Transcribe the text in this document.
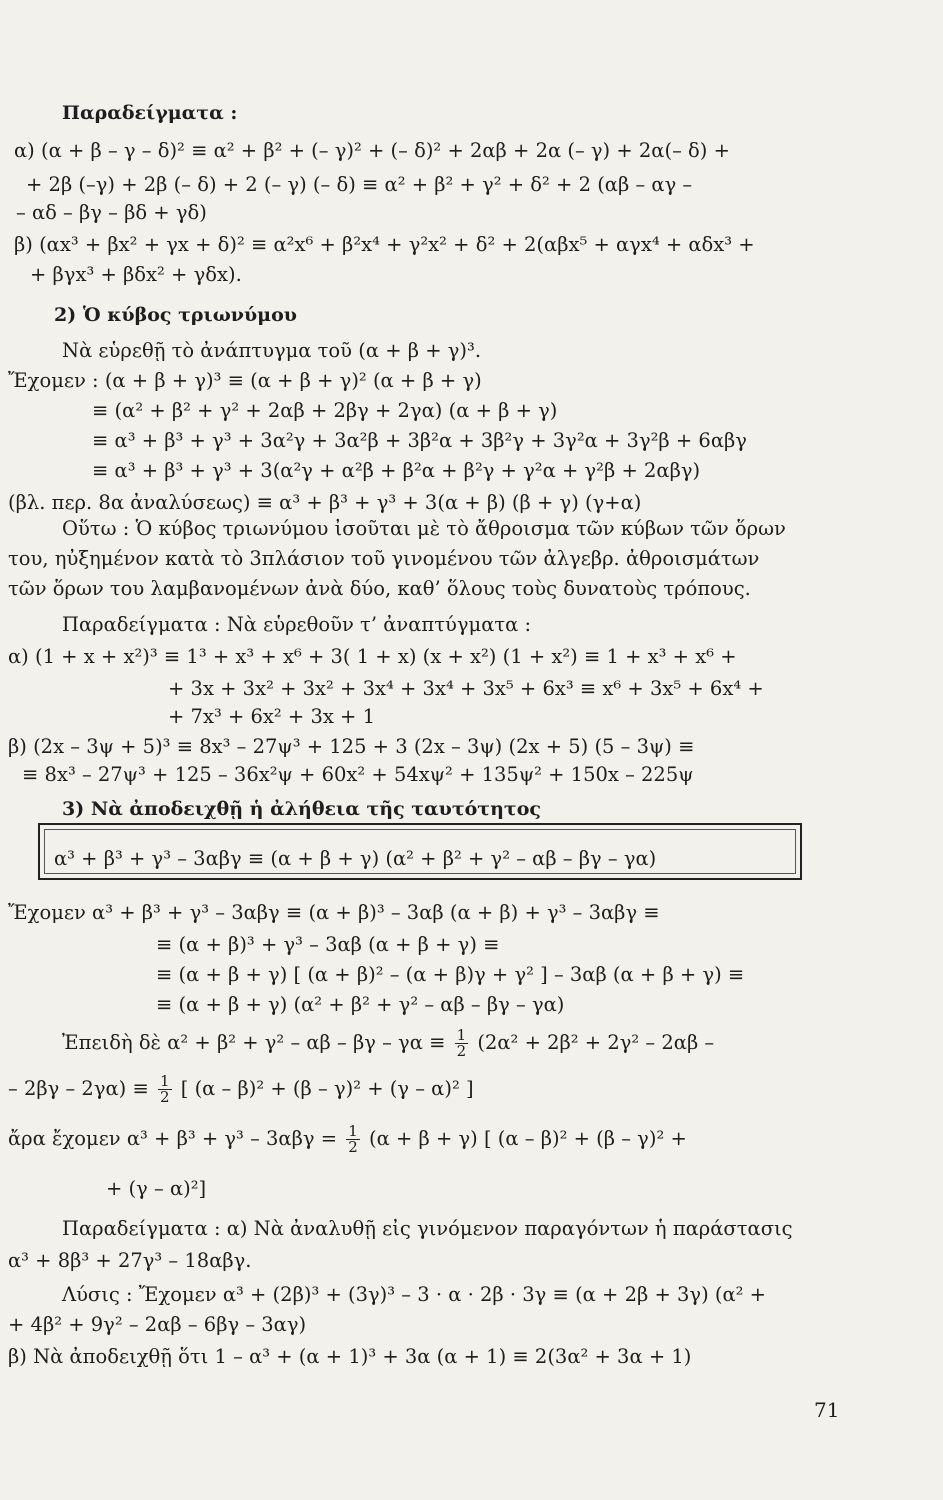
Παραδείγματα :
α) (α + β – γ – δ)² ≡ α² + β² + (– γ)² + (– δ)² + 2αβ + 2α (– γ) + 2α(– δ) +
+ 2β (–γ) + 2β (– δ) + 2 (– γ) (– δ) ≡ α² + β² + γ² + δ² + 2 (αβ – αγ –
– αδ – βγ – βδ + γδ)
β) (αx³ + βx² + γx + δ)² ≡ α²x⁶ + β²x⁴ + γ²x² + δ² + 2(αβx⁵ + αγx⁴ + αδx³ +
+ βγx³ + βδx² + γδx).
2) Ὁ κύβος τριωνύμου
Νὰ εὑρεθῇ τὸ ἀνάπτυγμα τοῦ (α + β + γ)³.
Ἔχομεν : (α + β + γ)³ ≡ (α + β + γ)² (α + β + γ)
≡ (α² + β² + γ² + 2αβ + 2βγ + 2γα) (α + β + γ)
≡ α³ + β³ + γ³ + 3α²γ + 3α²β + 3β²α + 3β²γ + 3γ²α + 3γ²β + 6αβγ
≡ α³ + β³ + γ³ + 3(α²γ + α²β + β²α + β²γ + γ²α + γ²β + 2αβγ)
(βλ. περ. 8α ἀναλύσεως) ≡ α³ + β³ + γ³ + 3(α + β) (β + γ) (γ+α)
Οὕτω : Ὁ κύβος τριωνύμου ἰσοῦται μὲ τὸ ἄθροισμα τῶν κύβων τῶν ὅρων
του, ηὐξημένον κατὰ τὸ 3πλάσιον τοῦ γινομένου τῶν ἀλγεβρ. ἀθροισμάτων
τῶν ὅρων του λαμβανομένων ἀνὰ δύο, καθ’ ὅλους τοὺς δυνατοὺς τρόπους.
Παραδείγματα : Νὰ εὑρεθοῦν τ’ ἀναπτύγματα :
α) (1 + x + x²)³ ≡ 1³ + x³ + x⁶ + 3( 1 + x) (x + x²) (1 + x²) ≡ 1 + x³ + x⁶ +
+ 3x + 3x² + 3x² + 3x⁴ + 3x⁴ + 3x⁵ + 6x³ ≡ x⁶ + 3x⁵ + 6x⁴ +
+ 7x³ + 6x² + 3x + 1
β) (2x – 3ψ + 5)³ ≡ 8x³ – 27ψ³ + 125 + 3 (2x – 3ψ) (2x + 5) (5 – 3ψ) ≡
≡ 8x³ – 27ψ³ + 125 – 36x²ψ + 60x² + 54xψ² + 135ψ² + 150x – 225ψ
3) Νὰ ἀποδειχθῇ ἡ ἀλήθεια τῆς ταυτότητος
α³ + β³ + γ³ – 3αβγ ≡ (α + β + γ) (α² + β² + γ² – αβ – βγ – γα)
Ἔχομεν α³ + β³ + γ³ – 3αβγ ≡ (α + β)³ – 3αβ (α + β) + γ³ – 3αβγ ≡
≡ (α + β)³ + γ³ – 3αβ (α + β + γ) ≡
≡ (α + β + γ) [ (α + β)² – (α + β)γ + γ² ] – 3αβ (α + β + γ) ≡
≡ (α + β + γ) (α² + β² + γ² – αβ – βγ – γα)
+ (γ – α)²]
Παραδείγματα : α) Νὰ ἀναλυθῇ εἰς γινόμενον παραγόντων ἡ παράστασις
α³ + 8β³ + 27γ³ – 18αβγ.
Λύσις : Ἔχομεν α³ + (2β)³ + (3γ)³ – 3 · α · 2β · 3γ ≡ (α + 2β + 3γ) (α² +
+ 4β² + 9γ² – 2αβ – 6βγ – 3αγ)
β) Νὰ ἀποδειχθῇ ὅτι 1 – α³ + (α + 1)³ + 3α (α + 1) ≡ 2(3α² + 3α + 1)
Ἐπειδὴ δὲ $\alpha^2 + \beta^2 + \gamma^2 - \alpha\beta - \beta\gamma - \gamma\alpha \equiv \frac{1}{2} (2\alpha^2 + 2\beta^2 + 2\gamma^2 - 2\alpha\beta$ –
– $2\beta\gamma - 2\gamma\alpha) \equiv \frac{1}{2}$ [ (α – β)² + (β – γ)² + (γ – α)² ]
ἄρα ἔχομεν $\alpha^3 + \beta^3 + \gamma^3 - 3\alpha\beta\gamma = \frac{1}{2} (\alpha + \beta + \gamma)$ [ (α – β)² + (β – γ)² +
71
